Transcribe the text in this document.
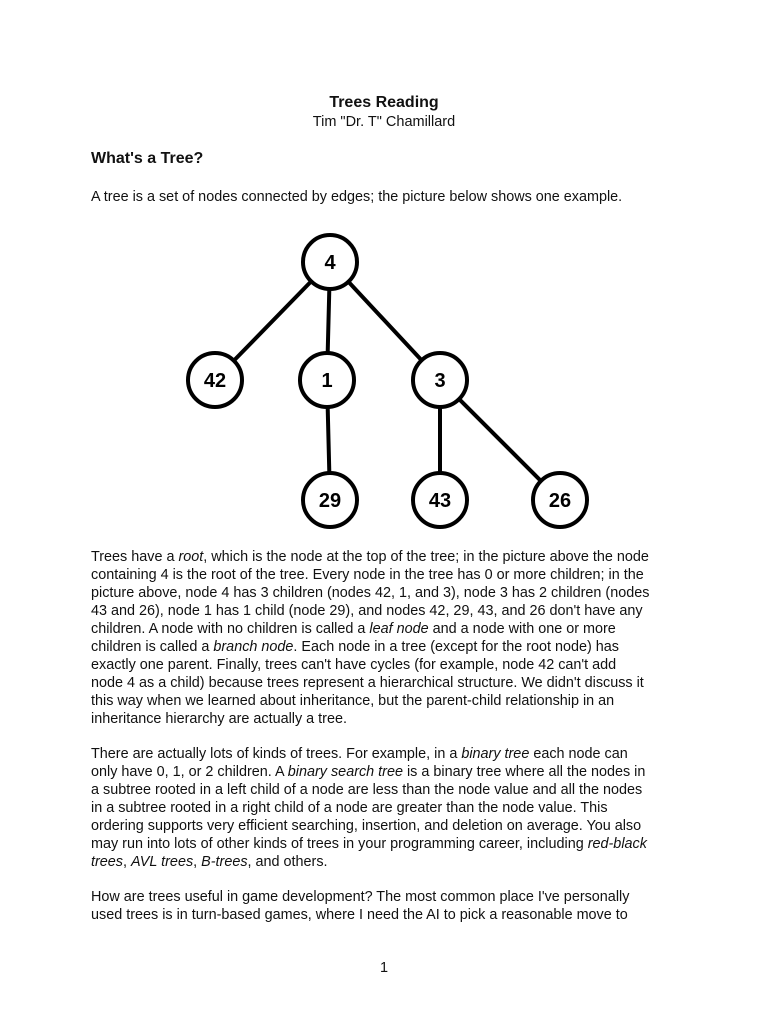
Trees Reading
Tim "Dr. T" Chamillard
What's a Tree?
A tree is a set of nodes connected by edges; the picture below shows one example.
4
42	1	3
29	43	26
Trees have a root, which is the node at the top of the tree; in the picture above the node
containing 4 is the root of the tree. Every node in the tree has 0 or more children; in the
picture above, node 4 has 3 children (nodes 42, 1, and 3), node 3 has 2 children (nodes
43 and 26), node 1 has 1 child (node 29), and nodes 42, 29, 43, and 26 don't have any
children. A node with no children is called a leaf node and a node with one or more
children is called a branch node. Each node in a tree (except for the root node) has
exactly one parent. Finally, trees can't have cycles (for example, node 42 can't add
node 4 as a child) because trees represent a hierarchical structure. We didn't discuss it
this way when we learned about inheritance, but the parent-child relationship in an
inheritance hierarchy are actually a tree.
There are actually lots of kinds of trees. For example, in a binary tree each node can
only have 0, 1, or 2 children. A binary search tree is a binary tree where all the nodes in
a subtree rooted in a left child of a node are less than the node value and all the nodes
in a subtree rooted in a right child of a node are greater than the node value. This
ordering supports very efficient searching, insertion, and deletion on average. You also
may run into lots of other kinds of trees in your programming career, including red-black
trees, AVL trees, B-trees, and others.
How are trees useful in game development? The most common place I've personally
used trees is in turn-based games, where I need the AI to pick a reasonable move to
1
